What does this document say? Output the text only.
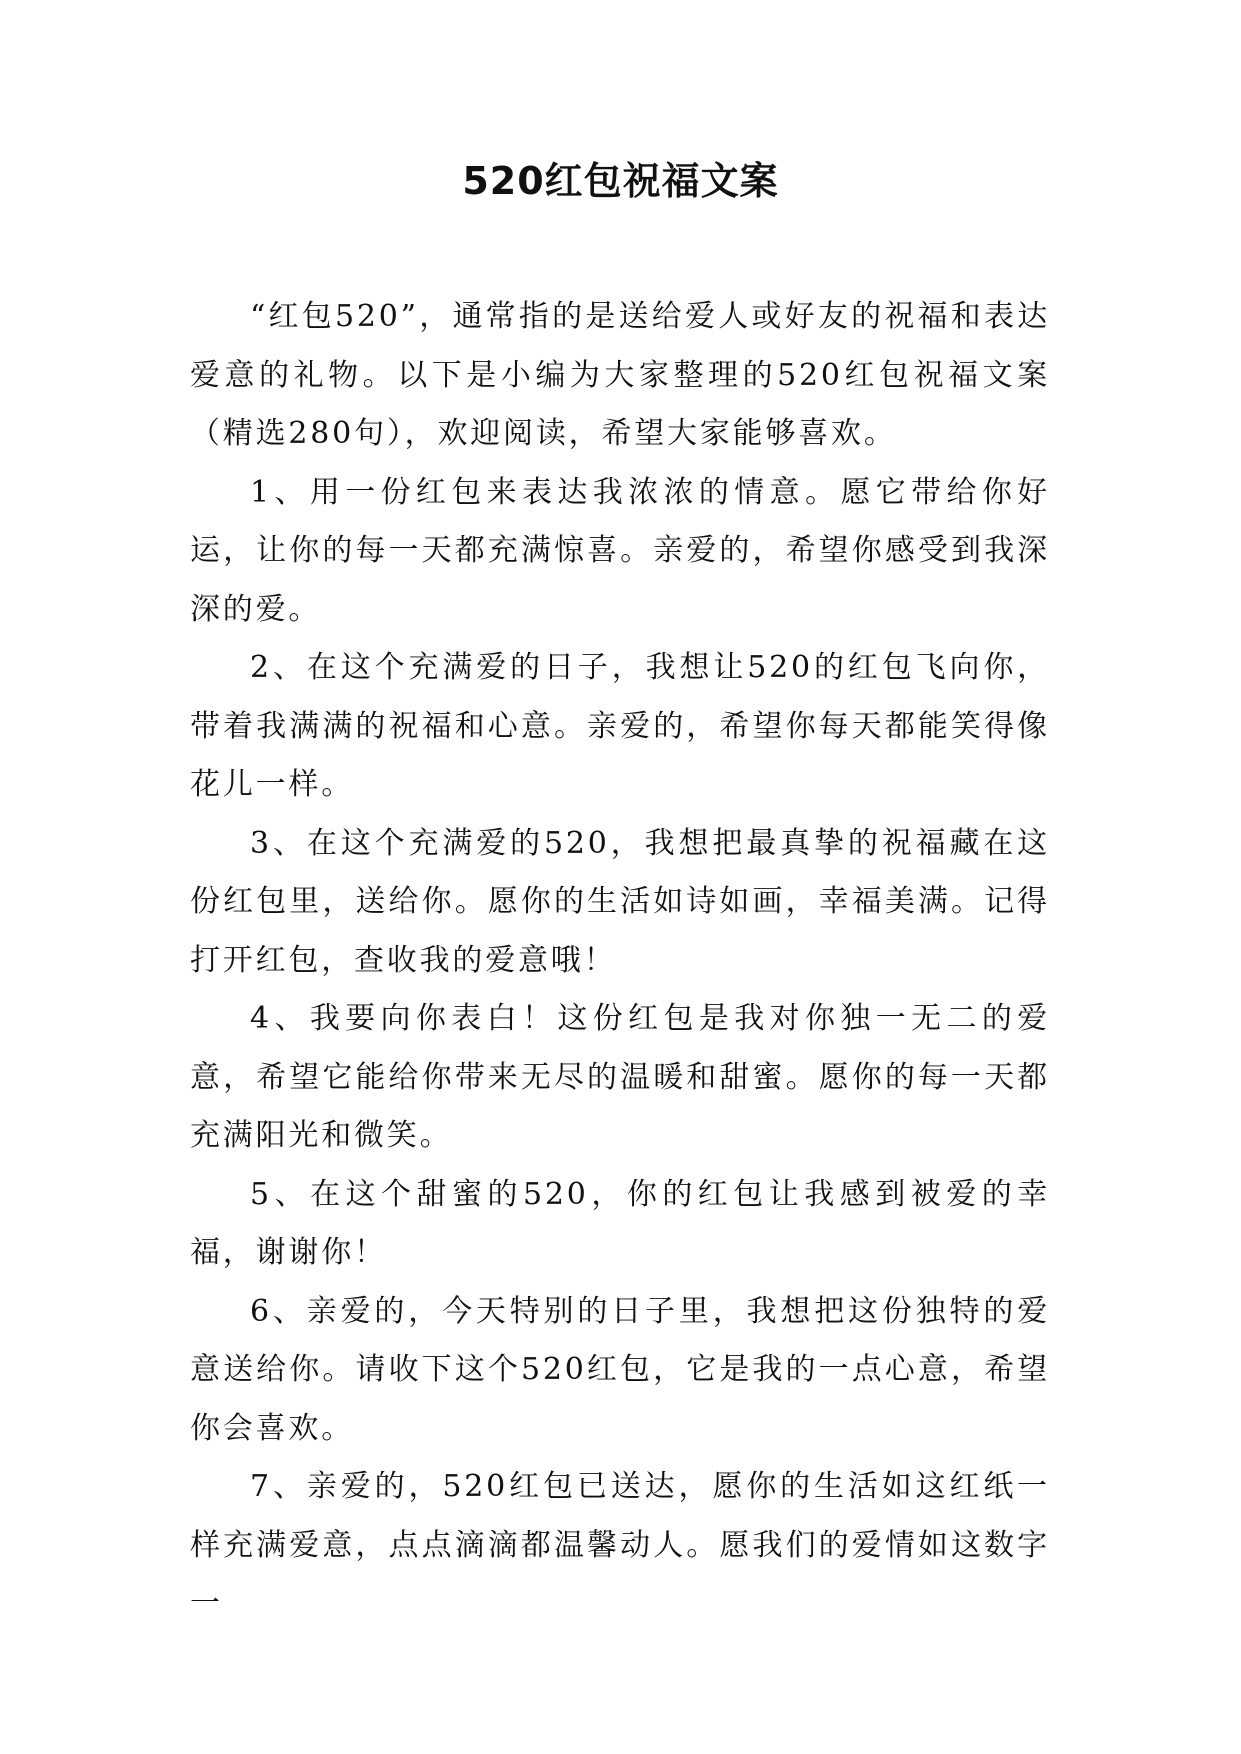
520红包祝福文案

“红包520”，通常指的是送给爱人或好友的祝福和表达爱意的礼物。以下是小编为大家整理的520红包祝福文案（精选280句），欢迎阅读，希望大家能够喜欢。

1、用一份红包来表达我浓浓的情意。愿它带给你好运，让你的每一天都充满惊喜。亲爱的，希望你感受到我深深的爱。

2、在这个充满爱的日子，我想让520的红包飞向你，带着我满满的祝福和心意。亲爱的，希望你每天都能笑得像花儿一样。

3、在这个充满爱的520，我想把最真挚的祝福藏在这份红包里，送给你。愿你的生活如诗如画，幸福美满。记得打开红包，查收我的爱意哦！

4、我要向你表白！这份红包是我对你独一无二的爱意，希望它能给你带来无尽的温暖和甜蜜。愿你的每一天都充满阳光和微笑。

5、在这个甜蜜的520，你的红包让我感到被爱的幸福，谢谢你！

6、亲爱的，今天特别的日子里，我想把这份独特的爱意送给你。请收下这个520红包，它是我的一点心意，希望你会喜欢。

7、亲爱的，520红包已送达，愿你的生活如这红纸一样充满爱意，点点滴滴都温馨动人。愿我们的爱情如这数字一
